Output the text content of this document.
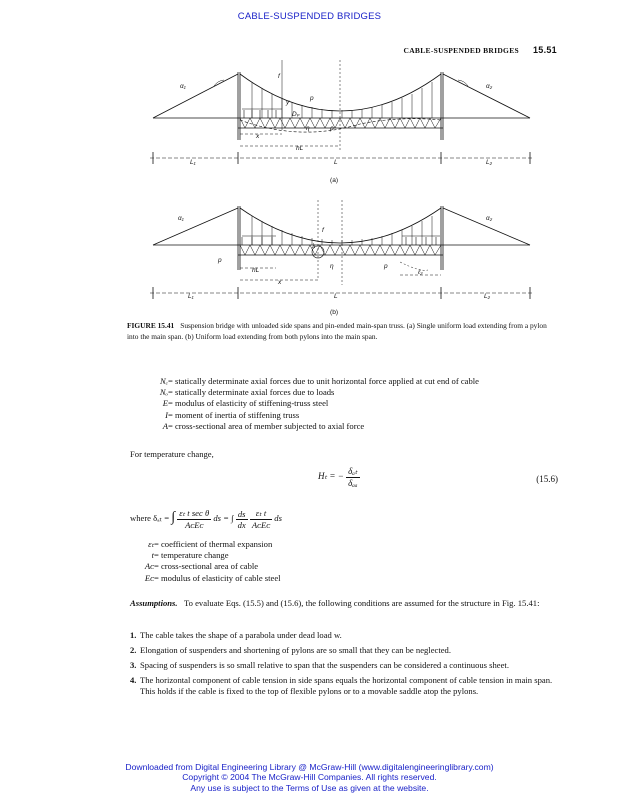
CABLE-SUSPENDED BRIDGES
CABLE-SUSPENDED BRIDGES 15.51
α₁	α₂
f
y
η
p
x
hL
L₁	L	L₂
Dₚ
ρ
(a)
α₁	α₂
f
η
p
hL
x
L₁	L	L₂
p
λ
ℓ₂
(b)
FIGURE 15.41 Suspension bridge with unloaded side spans and pin-ended main-span truss. (a) Single uniform load extending from a pylon into the main span. (b) Uniform load extending from both pylons into the main span.
Nₑ= statically determinate axial forces due to unit horizontal force applied at cut end of cable
Nₒ= statically determinate axial forces due to loads
E= modulus of elasticity of stiffening-truss steel
I= moment of inertia of stiffening truss
A= cross-sectional area of member subjected to axial force
For temperature change,
Hₜ = − $\frac{\text{δₐₜ}}{\text{δₐₐ}}$	(15.6)
where δₐₜ = ∫ $\frac{\text{εₜ t sec θ}}{\text{AᴄEᴄ}}$ ds = ∫ $\frac{ds}{dx}$
$\frac{\text{εₜ t}}{\text{AᴄEᴄ}}$ ds
εₜ= coefficient of thermal expansion
t= temperature change
Aᴄ= cross-sectional area of cable
Eᴄ= modulus of elasticity of cable steel
Assumptions. To evaluate Eqs. (15.5) and (15.6), the following conditions are assumed for the structure in Fig. 15.41:
1. The cable takes the shape of a parabola under dead load w.
2. Elongation of suspenders and shortening of pylons are so small that they can be neglected.
3. Spacing of suspenders is so small relative to span that the suspenders can be considered a continuous sheet.
4. The horizontal component of cable tension in side spans equals the horizontal component of cable tension in main span. This holds if the cable is fixed to the top of flexible pylons or to a movable saddle atop the pylons.
Downloaded from Digital Engineering Library @ McGraw-Hill (www.digitalengineeringlibrary.com)
Copyright © 2004 The McGraw-Hill Companies. All rights reserved.
Any use is subject to the Terms of Use as given at the website.
